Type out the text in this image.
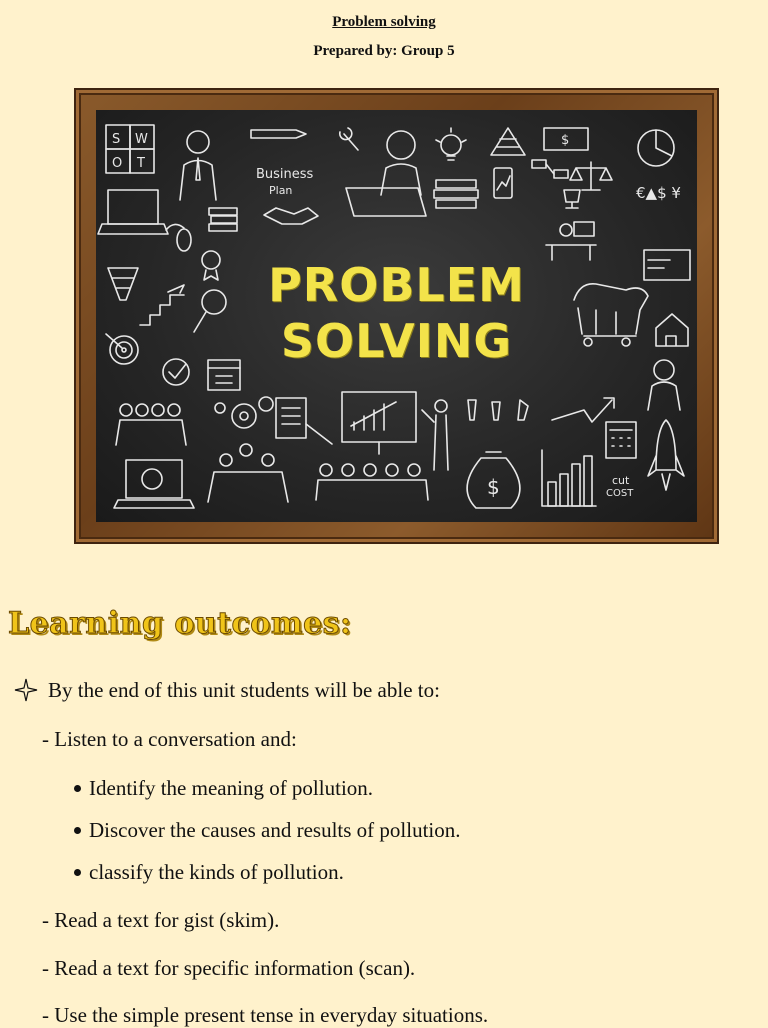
Problem solving
Prepared by: Group 5
S W
O T
Business
Plan
$
€▲$ ¥
$	cut
COST
PROBLEM
SOLVING
Learning outcomes:
By the end of this unit students will be able to:
- Listen to a conversation and:
Identify the meaning of pollution.
Discover the causes and results of pollution.
classify the kinds of pollution.
- Read a text for gist (skim).
- Read a text for specific information (scan).
- Use the simple present tense in everyday situations.
